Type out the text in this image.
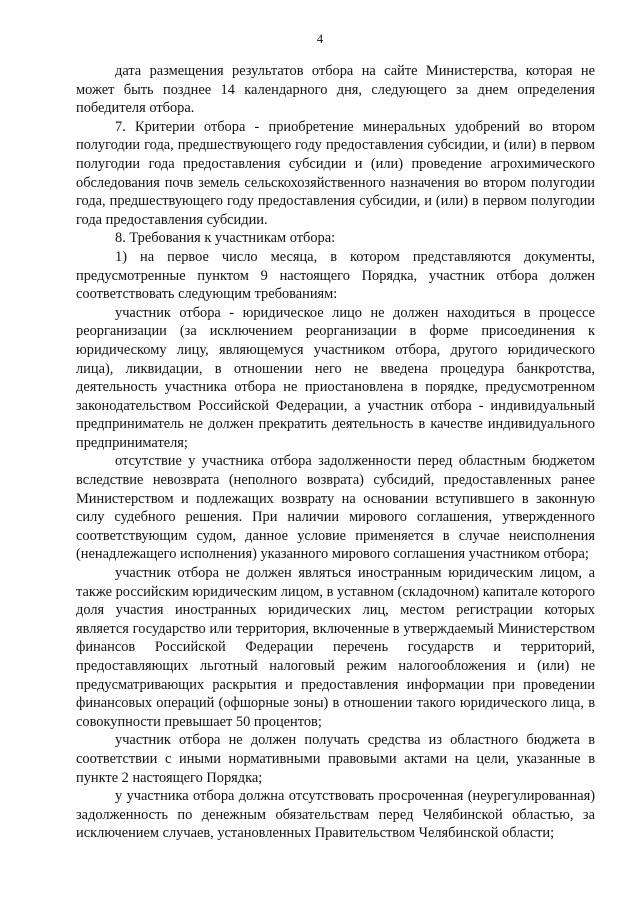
4

дата размещения результатов отбора на сайте Министерства, которая не может быть позднее 14 календарного дня, следующего за днем определения победителя отбора.

7. Критерии отбора - приобретение минеральных удобрений во втором полугодии года, предшествующего году предоставления субсидии, и (или) в первом полугодии года предоставления субсидии и (или) проведение агрохимического обследования почв земель сельскохозяйственного назначения во втором полугодии года, предшествующего году предоставления субсидии, и (или) в первом полугодии года предоставления субсидии.

8. Требования к участникам отбора:

1) на первое число месяца, в котором представляются документы, предусмотренные пунктом 9 настоящего Порядка, участник отбора должен соответствовать следующим требованиям:

участник отбора - юридическое лицо не должен находиться в процессе реорганизации (за исключением реорганизации в форме присоединения к юридическому лицу, являющемуся участником отбора, другого юридического лица), ликвидации, в отношении него не введена процедура банкротства, деятельность участника отбора не приостановлена в порядке, предусмотренном законодательством Российской Федерации, а участник отбора - индивидуальный предприниматель не должен прекратить деятельность в качестве индивидуального предпринимателя;

отсутствие у участника отбора задолженности перед областным бюджетом вследствие невозврата (неполного возврата) субсидий, предоставленных ранее Министерством и подлежащих возврату на основании вступившего в законную силу судебного решения. При наличии мирового соглашения, утвержденного соответствующим судом, данное условие применяется в случае неисполнения (ненадлежащего исполнения) указанного мирового соглашения участником отбора;

участник отбора не должен являться иностранным юридическим лицом, а также российским юридическим лицом, в уставном (складочном) капитале которого доля участия иностранных юридических лиц, местом регистрации которых является государство или территория, включенные в утверждаемый Министерством финансов Российской Федерации перечень государств и территорий, предоставляющих льготный налоговый режим налогообложения и (или) не предусматривающих раскрытия и предоставления информации при проведении финансовых операций (офшорные зоны) в отношении такого юридического лица, в совокупности превышает 50 процентов;

участник отбора не должен получать средства из областного бюджета в соответствии с иными нормативными правовыми актами на цели, указанные в пункте 2 настоящего Порядка;

у участника отбора должна отсутствовать просроченная (неурегулированная) задолженность по денежным обязательствам перед Челябинской областью, за исключением случаев, установленных Правительством Челябинской области;
